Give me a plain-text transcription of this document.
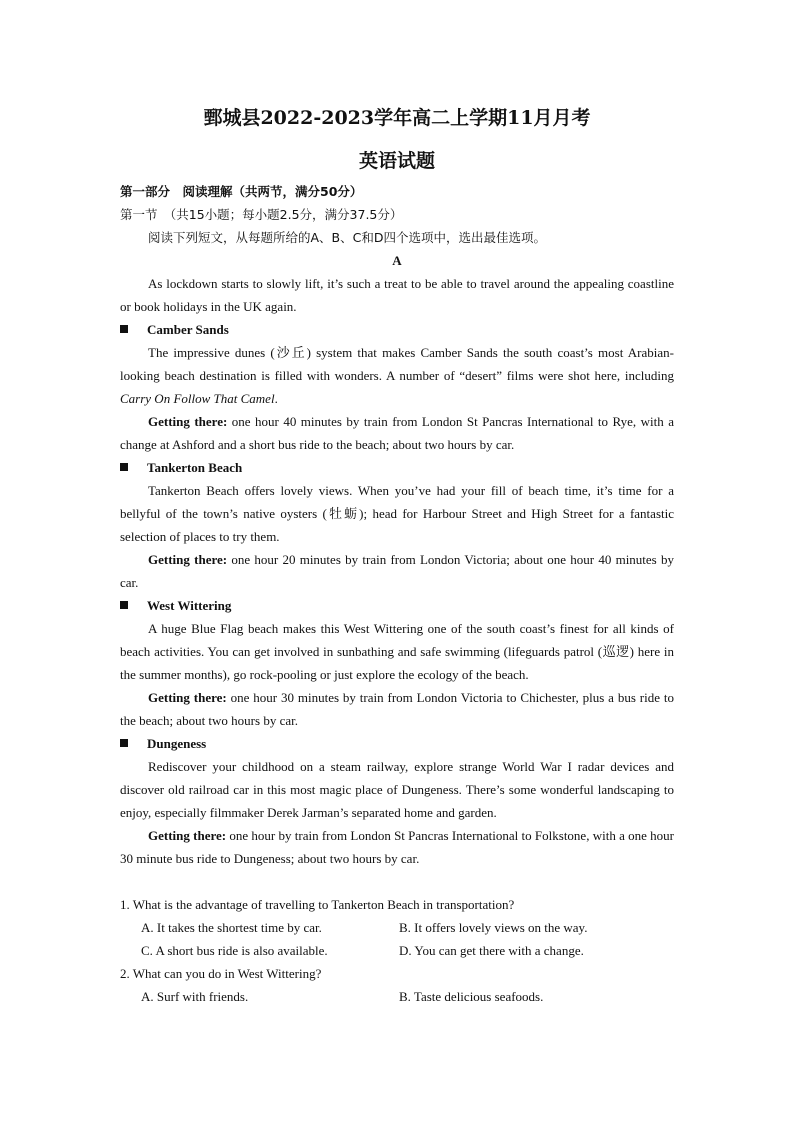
鄄城县2022-2023学年高二上学期11月月考
英语试题

第一部分　阅读理解（共两节，满分50分）

第一节　（共15小题；每小题2.5分，满分37.5分）

阅读下列短文，从每题所给的A、B、C和D四个选项中，选出最佳选项。

A

As lockdown starts to slowly lift, it’s such a treat to be able to travel around the appealing coastline or book holidays in the UK again.

Camber Sands

The impressive dunes (沙丘) system that makes Camber Sands the south coast’s most Arabian-looking beach destination is filled with wonders. A number of “desert” films were shot here, including Carry On Follow That Camel.

Getting there: one hour 40 minutes by train from London St Pancras International to Rye, with a change at Ashford and a short bus ride to the beach; about two hours by car.

Tankerton Beach

Tankerton Beach offers lovely views. When you’ve had your fill of beach time, it’s time for a bellyful of the town’s native oysters (牡蛎); head for Harbour Street and High Street for a fantastic selection of places to try them.

Getting there: one hour 20 minutes by train from London Victoria; about one hour 40 minutes by car.

West Wittering

A huge Blue Flag beach makes this West Wittering one of the south coast’s finest for all kinds of beach activities. You can get involved in sunbathing and safe swimming (lifeguards patrol (巡逻) here in the summer months), go rock-pooling or just explore the ecology of the beach.

Getting there: one hour 30 minutes by train from London Victoria to Chichester, plus a bus ride to the beach; about two hours by car.

Dungeness

Rediscover your childhood on a steam railway, explore strange World War I radar devices and discover old railroad car in this most magic place of Dungeness. There’s some wonderful landscaping to enjoy, especially filmmaker Derek Jarman’s separated home and garden.

Getting there: one hour by train from London St Pancras International to Folkstone, with a one hour 30 minute bus ride to Dungeness; about two hours by car.

1. What is the advantage of travelling to Tankerton Beach in transportation?

A. It takes the shortest time by car.	B. It offers lovely views on the way.
C. A short bus ride is also available.	D. You can get there with a change.

2. What can you do in West Wittering?

A. Surf with friends.	B. Taste delicious seafoods.
